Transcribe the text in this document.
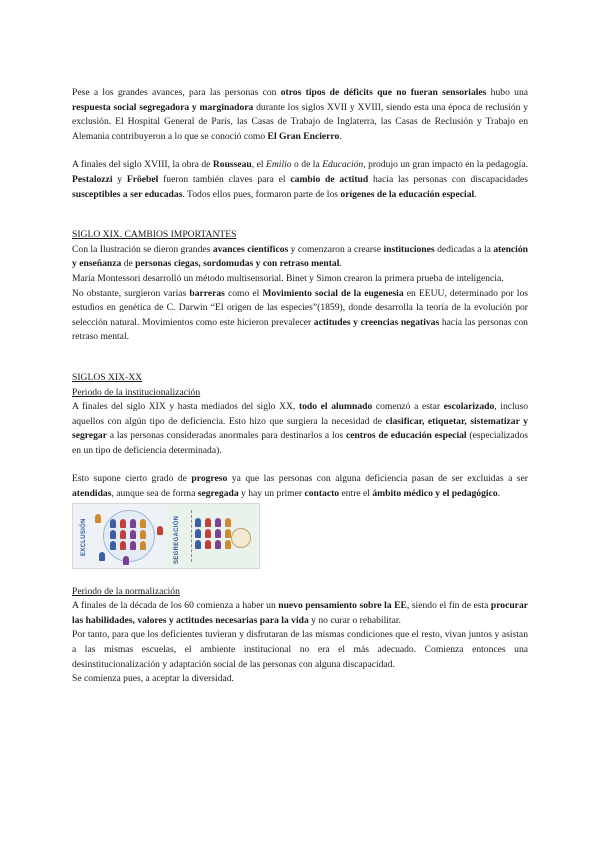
Pese a los grandes avances, para las personas con otros tipos de déficits que no fueran sensoriales hubo una respuesta social segregadora y marginadora durante los siglos XVII y XVIII, siendo esta una época de reclusión y exclusión. El Hospital General de París, las Casas de Trabajo de Inglaterra, las Casas de Reclusión y Trabajo en Alemania contribuyeron a lo que se conoció como El Gran Encierro.

A finales del siglo XVIII, la obra de Rousseau, el Emilio o de la Educación, produjo un gran impacto en la pedagogía. Pestalozzi y Fröebel fueron también claves para el cambio de actitud hacia las personas con discapacidades susceptibles a ser educadas. Todos ellos pues, formaron parte de los orígenes de la educación especial.

SIGLO XIX. CAMBIOS IMPORTANTES

Con la Ilustración se dieron grandes avances científicos y comenzaron a crearse instituciones dedicadas a la atención y enseñanza de personas ciegas, sordomudas y con retraso mental.

María Montessori desarrolló un método multisensorial. Binet y Simon crearon la primera prueba de inteligencia.

No obstante, surgieron varias barreras como el Movimiento social de la eugenesia en EEUU, determinado por los estudios en genética de C. Darwin “El origen de las especies”(1859), donde desarrolla la teoría de la evolución por selección natural. Movimientos como este hicieron prevalecer actitudes y creencias negativas hacia las personas con retraso mental.

SIGLOS XIX-XX

Periodo de la institucionalización

A finales del siglo XIX y hasta mediados del siglo XX, todo el alumnado comenzó a estar escolarizado, incluso aquellos con algún tipo de deficiencia. Esto hizo que surgiera la necesidad de clasificar, etiquetar, sistematizar y segregar a las personas consideradas anormales para destinarlos a los centros de educación especial (especializados en un tipo de deficiencia determinada).

Esto supone cierto grado de progreso ya que las personas con alguna deficiencia pasan de ser excluidas a ser atendidas, aunque sea de forma segregada y hay un primer contacto entre el ámbito médico y el pedagógico.

EXCLUSIÓN	SEGREGACIÓN

Periodo de la normalización

A finales de la década de los 60 comienza a haber un nuevo pensamiento sobre la EE, siendo el fin de esta procurar las habilidades, valores y actitudes necesarias para la vida y no curar o rehabilitar.

Por tanto, para que los deficientes tuvieran y disfrutaran de las mismas condiciones que el resto, vivan juntos y asistan a las mismas escuelas, el ambiente institucional no era el más adecuado. Comienza entonces una desinstitucionalización y adaptación social de las personas con alguna discapacidad.

Se comienza pues, a aceptar la diversidad.
